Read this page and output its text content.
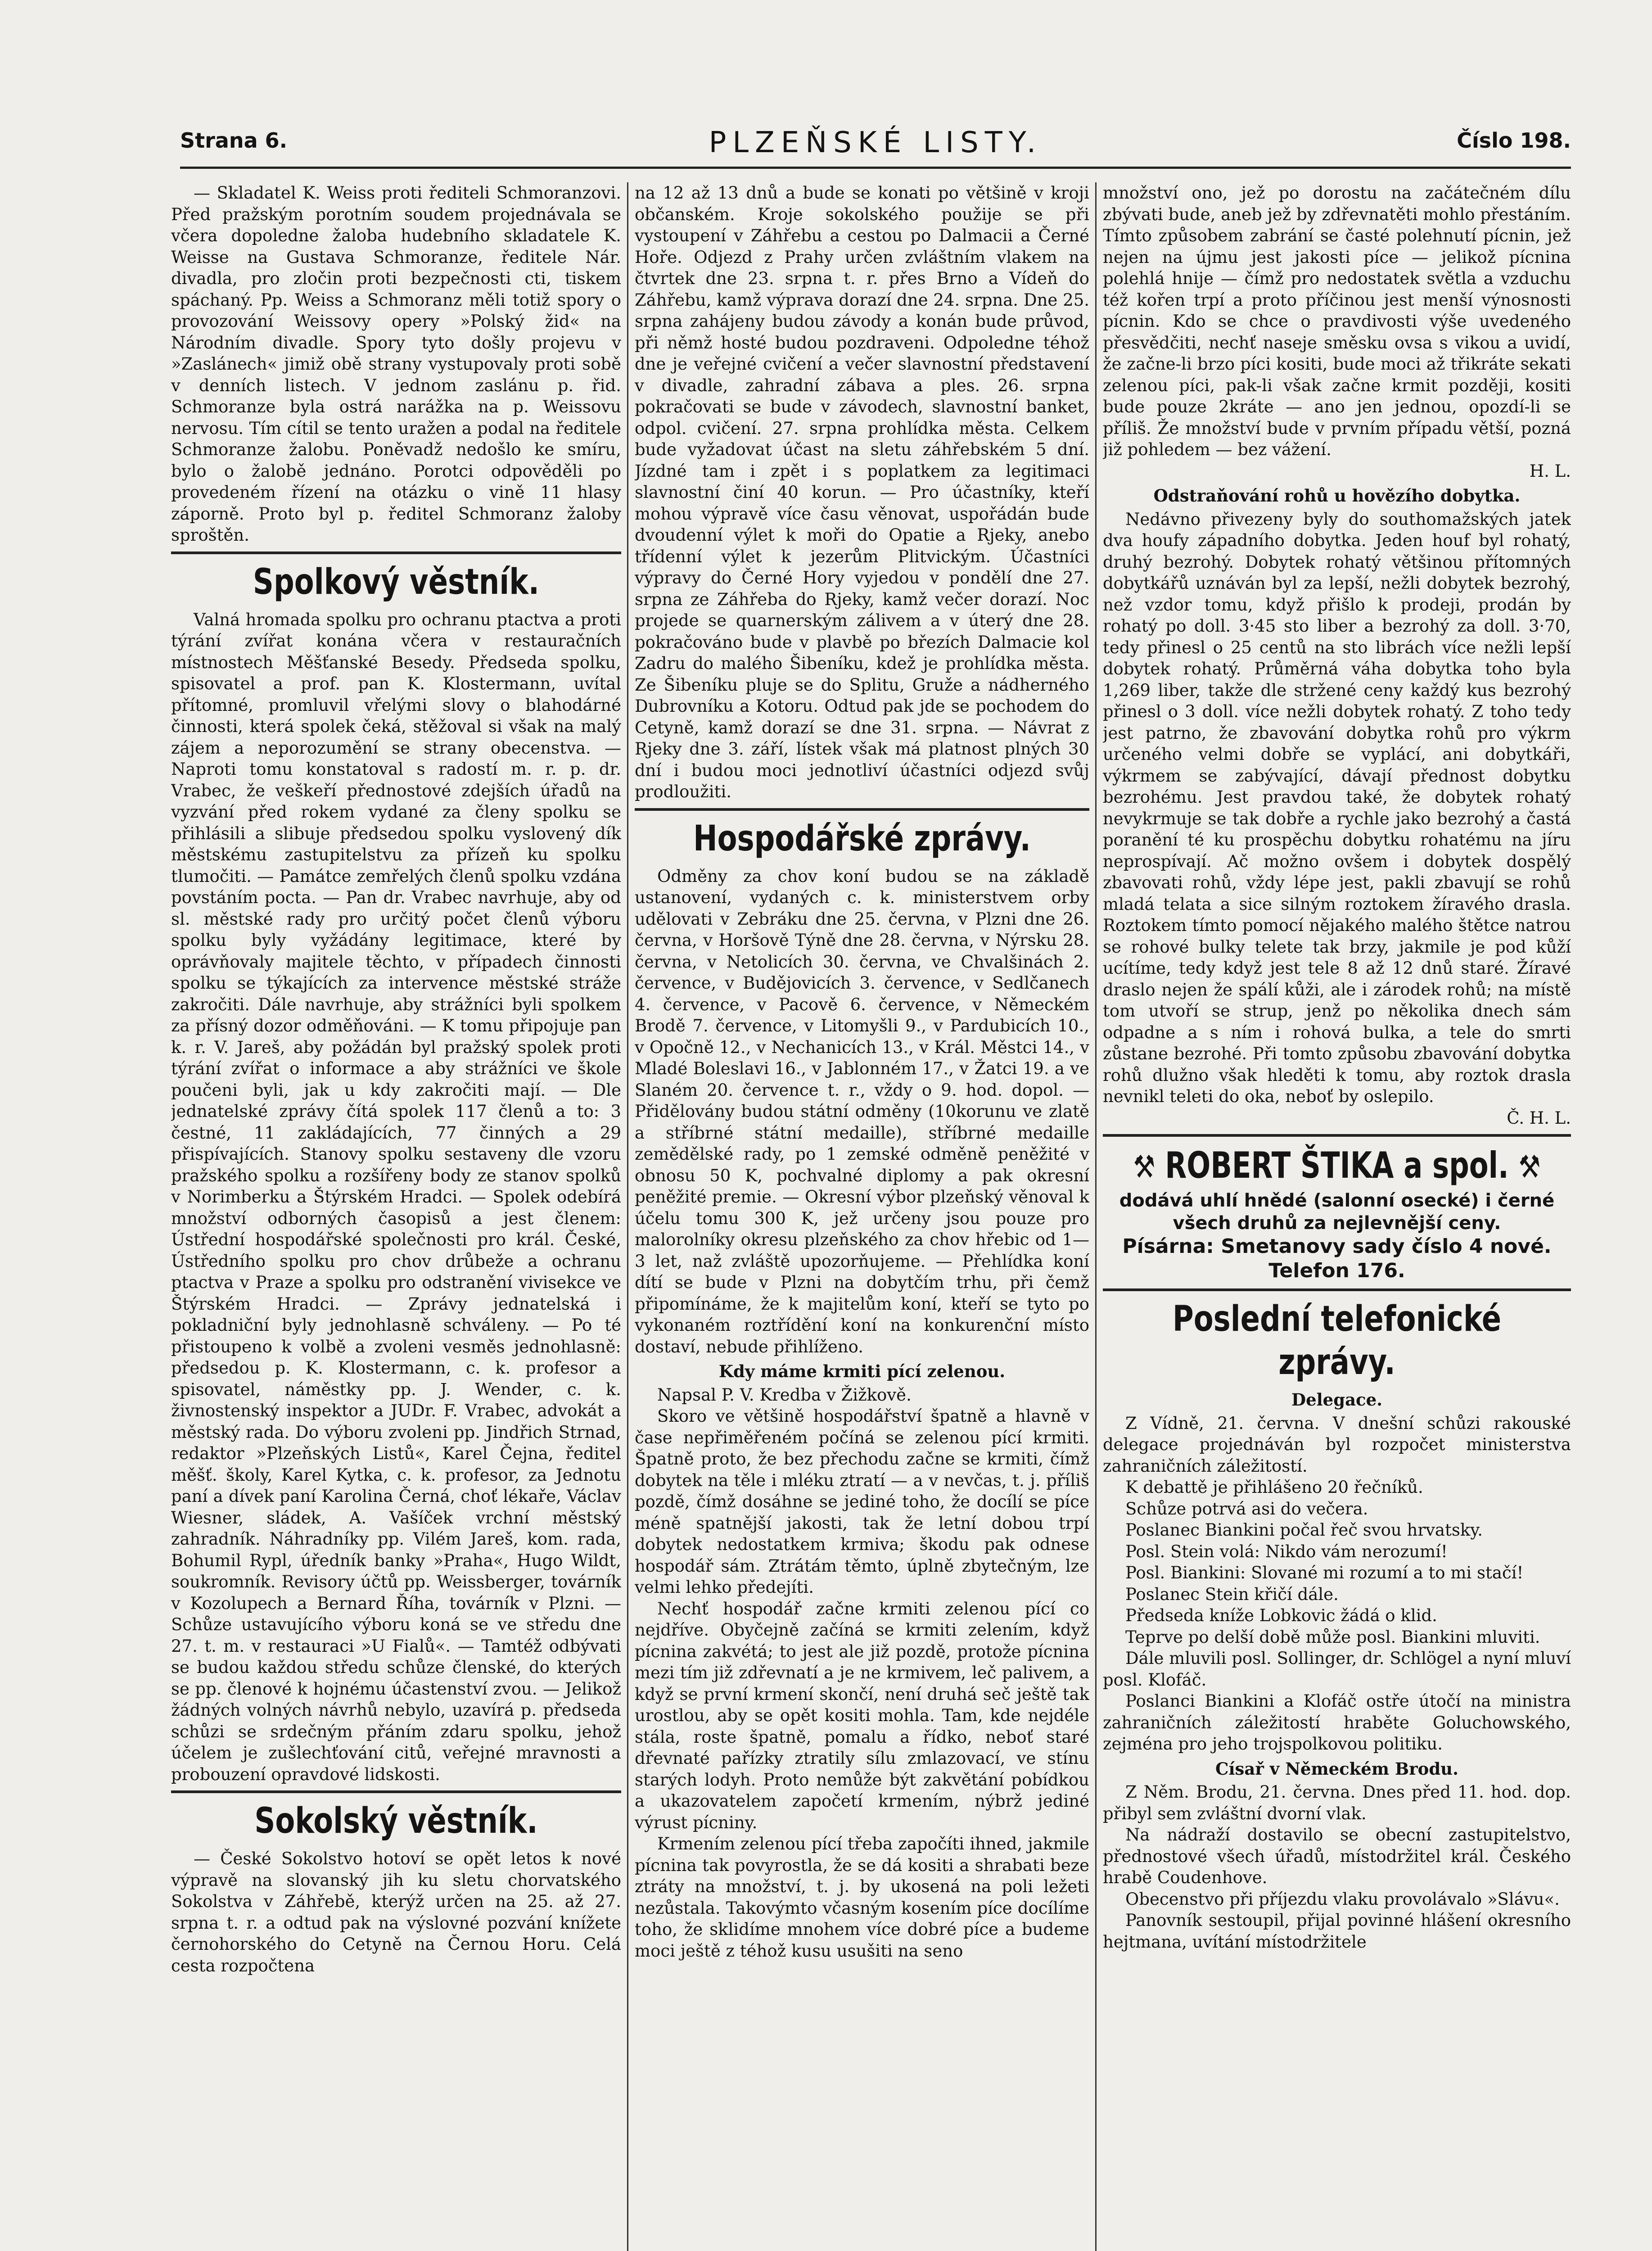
Strana 6.	PLZEŇSKÉ LISTY.	Číslo 198.

— Skladatel K. Weiss proti řediteli Schmoranzovi. Před pražským porotním soudem projednávala se včera dopoledne žaloba hudebního skladatele K. Weisse na Gustava Schmoranze, ředitele Nár. divadla, pro zločin proti bezpečnosti cti, tiskem spáchaný. Pp. Weiss a Schmoranz měli totiž spory o provozování Weissovy opery »Polský žid« na Národním divadle. Spory tyto došly projevu v »Zaslánech« jimiž obě strany vystupovaly proti sobě v denních listech. V jednom zaslánu p. řid. Schmoranze byla ostrá narážka na p. Weissovu nervosu. Tím cítil se tento uražen a podal na ředitele Schmoranze žalobu. Poněvadž nedošlo ke smíru, bylo o žalobě jednáno. Porotci odpověděli po provedeném řízení na otázku o vině 11 hlasy záporně. Proto byl p. ředitel Schmoranz žaloby sproštěn.

Spolkový věstník.

Valná hromada spolku pro ochranu ptactva a proti týrání zvířat konána včera v restauračních místnostech Měšťanské Besedy. Předseda spolku, spisovatel a prof. pan K. Klostermann, uvítal přítomné, promluvil vřelými slovy o blahodárné činnosti, která spolek čeká, stěžoval si však na malý zájem a neporozumění se strany obecenstva. — Naproti tomu konstatoval s radostí m. r. p. dr. Vrabec, že veškeří přednostové zdejších úřadů na vyzvání před rokem vydané za členy spolku se přihlásili a slibuje předsedou spolku vyslovený dík městskému zastupitelstvu za přízeň ku spolku tlumočiti. — Památce zemřelých členů spolku vzdána povstáním pocta. — Pan dr. Vrabec navrhuje, aby od sl. městské rady pro určitý počet členů výboru spolku byly vyžádány legitimace, které by oprávňovaly majitele těchto, v případech činnosti spolku se týkajících za intervence městské stráže zakročiti. Dále navrhuje, aby strážníci byli spolkem za přísný dozor odměňováni. — K tomu připojuje pan k. r. V. Jareš, aby požádán byl pražský spolek proti týrání zvířat o informace a aby strážníci ve škole poučeni byli, jak u kdy zakročiti mají. — Dle jednatelské zprávy čítá spolek 117 členů a to: 3 čestné, 11 zakládajících, 77 činných a 29 přispívajících. Stanovy spolku sestaveny dle vzoru pražského spolku a rozšířeny body ze stanov spolků v Norimberku a Štýrském Hradci. — Spolek odebírá množství odborných časopisů a jest členem: Ústřední hospodářské společnosti pro král. České, Ústředního spolku pro chov drůbeže a ochranu ptactva v Praze a spolku pro odstranění vivisekce ve Štýrském Hradci. — Zprávy jednatelská i pokladniční byly jednohlasně schváleny. — Po té přistoupeno k volbě a zvoleni vesměs jednohlasně: předsedou p. K. Klostermann, c. k. profesor a spisovatel, náměstky pp. J. Wender, c. k. živnostenský inspektor a JUDr. F. Vrabec, advokát a městský rada. Do výboru zvoleni pp. Jindřich Strnad, redaktor »Plzeňských Listů«, Karel Čejna, ředitel měšť. školy, Karel Kytka, c. k. profesor, za Jednotu paní a dívek paní Karolina Černá, choť lékaře, Václav Wiesner, sládek, A. Vašíček vrchní městský zahradník. Náhradníky pp. Vilém Jareš, kom. rada, Bohumil Rypl, úředník banky »Praha«, Hugo Wildt, soukromník. Revisory účtů pp. Weissberger, továrník v Kozolupech a Bernard Říha, továrník v Plzni. — Schůze ustavujícího výboru koná se ve středu dne 27. t. m. v restauraci »U Fialů«. — Tamtéž odbývati se budou každou středu schůze členské, do kterých se pp. členové k hojnému účastenství zvou. — Jelikož žádných volných návrhů nebylo, uzavírá p. předseda schůzi se srdečným přáním zdaru spolku, jehož účelem je zušlechťování citů, veřejné mravnosti a probouzení opravdové lidskosti.

Sokolský věstník.

— České Sokolstvo hotoví se opět letos k nové výpravě na slovanský jih ku sletu chorvatského Sokolstva v Záhřebě, kterýž určen na 25. až 27. srpna t. r. a odtud pak na výslovné pozvání knížete černohorského do Cetyně na Černou Horu. Celá cesta rozpočtena

na 12 až 13 dnů a bude se konati po většině v kroji občanském. Kroje sokolského použije se při vystoupení v Záhřebu a cestou po Dalmacii a Černé Hoře. Odjezd z Prahy určen zvláštním vlakem na čtvrtek dne 23. srpna t. r. přes Brno a Vídeň do Záhřebu, kamž výprava dorazí dne 24. srpna. Dne 25. srpna zahájeny budou závody a konán bude průvod, při němž hosté budou pozdraveni. Odpoledne téhož dne je veřejné cvičení a večer slavnostní představení v divadle, zahradní zábava a ples. 26. srpna pokračovati se bude v závodech, slavnostní banket, odpol. cvičení. 27. srpna prohlídka města. Celkem bude vyžadovat účast na sletu záhřebském 5 dní. Jízdné tam i zpět i s poplatkem za legitimaci slavnostní činí 40 korun. — Pro účastníky, kteří mohou výpravě více času věnovat, uspořádán bude dvoudenní výlet k moři do Opatie a Rjeky, anebo třídenní výlet k jezerům Plitvickým. Účastníci výpravy do Černé Hory vyjedou v pondělí dne 27. srpna ze Záhřeba do Rjeky, kamž večer dorazí. Noc projede se quarnerským zálivem a v úterý dne 28. pokračováno bude v plavbě po březích Dalmacie kol Zadru do malého Šibeníku, kdež je prohlídka města. Ze Šibeníku pluje se do Splitu, Gruže a nádherného Dubrovníku a Kotoru. Odtud pak jde se pochodem do Cetyně, kamž dorazí se dne 31. srpna. — Návrat z Rjeky dne 3. září, lístek však má platnost plných 30 dní i budou moci jednotliví účastníci odjezd svůj prodloužiti.

Hospodářské zprávy.

Odměny za chov koní budou se na základě ustanovení, vydaných c. k. ministerstvem orby udělovati v Zebráku dne 25. června, v Plzni dne 26. června, v Horšově Týně dne 28. června, v Nýrsku 28. června, v Netolicích 30. června, ve Chvalšinách 2. července, v Budějovicích 3. července, v Sedlčanech 4. července, v Pacově 6. července, v Německém Brodě 7. července, v Litomyšli 9., v Pardubicích 10., v Opočně 12., v Nechanicích 13., v Král. Městci 14., v Mladé Boleslavi 16., v Jablonném 17., v Žatci 19. a ve Slaném 20. července t. r., vždy o 9. hod. dopol. — Přidělovány budou státní odměny (10korunu ve zlatě a stříbrné státní medaille), stříbrné medaille zemědělské rady, po 1 zemské odměně peněžité v obnosu 50 K, pochvalné diplomy a pak okresní peněžité premie. — Okresní výbor plzeňský věnoval k účelu tomu 300 K, jež určeny jsou pouze pro malorolníky okresu plzeňského za chov hřebic od 1—3 let, naž zvláště upozorňujeme. — Přehlídka koní dítí se bude v Plzni na dobytčím trhu, při čemž připomínáme, že k majitelům koní, kteří se tyto po vykonaném roztřídění koní na konkurenční místo dostaví, nebude přihlíženo.

Kdy máme krmiti pící zelenou.

Napsal P. V. Kredba v Žižkově.

Skoro ve většině hospodářství špatně a hlavně v čase nepřiměřeném počíná se zelenou pící krmiti. Špatně proto, že bez přechodu začne se krmiti, čímž dobytek na těle i mléku ztratí — a v nevčas, t. j. příliš pozdě, čímž dosáhne se jediné toho, že docílí se píce méně spatnější jakosti, tak že letní dobou trpí dobytek nedostatkem krmiva; škodu pak odnese hospodář sám. Ztrátám těmto, úplně zbytečným, lze velmi lehko předejíti.

Nechť hospodář začne krmiti zelenou pící co nejdříve. Obyčejně začíná se krmiti zelením, když pícnina zakvétá; to jest ale již pozdě, protože pícnina mezi tím již zdřevnatí a je ne krmivem, leč palivem, a když se první krmení skončí, není druhá seč ještě tak urostlou, aby se opět kositi mohla. Tam, kde nejdéle stála, roste špatně, pomalu a řídko, neboť staré dřevnaté pařízky ztratily sílu zmlazovací, ve stínu starých lodyh. Proto nemůže být zakvětání pobídkou a ukazovatelem započetí krmením, nýbrž jediné výrust pícniny.

Krmením zelenou pící třeba započíti ihned, jakmile pícnina tak povyrostla, že se dá kositi a shrabati beze ztráty na množství, t. j. by ukosená na poli ležeti nezůstala. Takovýmto včasným kosením píce docílíme toho, že sklidíme mnohem více dobré píce a budeme moci ještě z téhož kusu usušiti na seno

množství ono, jež po dorostu na začátečném dílu zbývati bude, aneb jež by zdřevnatěti mohlo přestáním. Tímto způsobem zabrání se časté polehnutí pícnin, jež nejen na újmu jest jakosti píce — jelikož pícnina polehlá hnije — čímž pro nedostatek světla a vzduchu též kořen trpí a proto příčinou jest menší výnosnosti pícnin. Kdo se chce o pravdivosti výše uvedeného přesvědčiti, nechť naseje směsku ovsa s vikou a uvidí, že začne-li brzo píci kositi, bude moci až třikráte sekati zelenou píci, pak-li však začne krmit později, kositi bude pouze 2kráte — ano jen jednou, opozdí-li se příliš. Že množství bude v prvním případu větší, pozná již pohledem — bez vážení.

H. L.
Odstraňování rohů u hovězího dobytka.

Nedávno přivezeny byly do southomažských jatek dva houfy západního dobytka. Jeden houf byl rohatý, druhý bezrohý. Dobytek rohatý většinou přítomných dobytkářů uznáván byl za lepší, nežli dobytek bezrohý, než vzdor tomu, když přišlo k prodeji, prodán by rohatý po doll. 3·45 sto liber a bezrohý za doll. 3·70, tedy přinesl o 25 centů na sto librách více nežli lepší dobytek rohatý. Průměrná váha dobytka toho byla 1,269 liber, takže dle stržené ceny každý kus bezrohý přinesl o 3 doll. více nežli dobytek rohatý. Z toho tedy jest patrno, že zbavování dobytka rohů pro výkrm určeného velmi dobře se vyplácí, ani dobytkáři, výkrmem se zabývající, dávají přednost dobytku bezrohému. Jest pravdou také, že dobytek rohatý nevykrmuje se tak dobře a rychle jako bezrohý a častá poranění té ku prospěchu dobytku rohatému na jíru neprospívají. Ač možno ovšem i dobytek dospělý zbavovati rohů, vždy lépe jest, pakli zbavují se rohů mladá telata a sice silným roztokem žíravého drasla. Roztokem tímto pomocí nějakého malého štětce natrou se rohové bulky telete tak brzy, jakmile je pod kůží ucítíme, tedy když jest tele 8 až 12 dnů staré. Žíravé draslo nejen že spálí kůži, ale i zárodek rohů; na místě tom utvoří se strup, jenž po několika dnech sám odpadne a s ním i rohová bulka, a tele do smrti zůstane bezrohé. Při tomto způsobu zbavování dobytka rohů dlužno však hleděti k tomu, aby roztok drasla nevnikl teleti do oka, neboť by oslepilo.

Č. H. L.
⚒ ROBERT ŠTIKA a spol. ⚒
dodává uhlí hnědé (salonní osecké) i černé
všech druhů za nejlevnější ceny.
Písárna: Smetanovy sady číslo 4 nové.
Telefon 176.
Poslední telefonické zprávy.
Delegace.

Z Vídně, 21. června. V dnešní schůzi rakouské delegace projednáván byl rozpočet ministerstva zahraničních záležitostí.

K debattě je přihlášeno 20 řečníků.

Schůze potrvá asi do večera.

Poslanec Biankini počal řeč svou hrvatsky.

Posl. Stein volá: Nikdo vám nerozumí!

Posl. Biankini: Slované mi rozumí a to mi stačí!

Poslanec Stein křičí dále.

Předseda kníže Lobkovic žádá o klid.

Teprve po delší době může posl. Biankini mluviti.

Dále mluvili posl. Sollinger, dr. Schlögel a nyní mluví posl. Klofáč.

Poslanci Biankini a Klofáč ostře útočí na ministra zahraničních záležitostí hraběte Goluchowského, zejména pro jeho trojspolkovou politiku.

Císař v Německém Brodu.

Z Něm. Brodu, 21. června. Dnes před 11. hod. dop. přibyl sem zvláštní dvorní vlak.

Na nádraží dostavilo se obecní zastupitelstvo, přednostové všech úřadů, místodržitel král. Českého hrabě Coudenhove.

Obecenstvo při příjezdu vlaku provolávalo »Slávu«.

Panovník sestoupil, přijal povinné hlášení okresního hejtmana, uvítání místodržitele
